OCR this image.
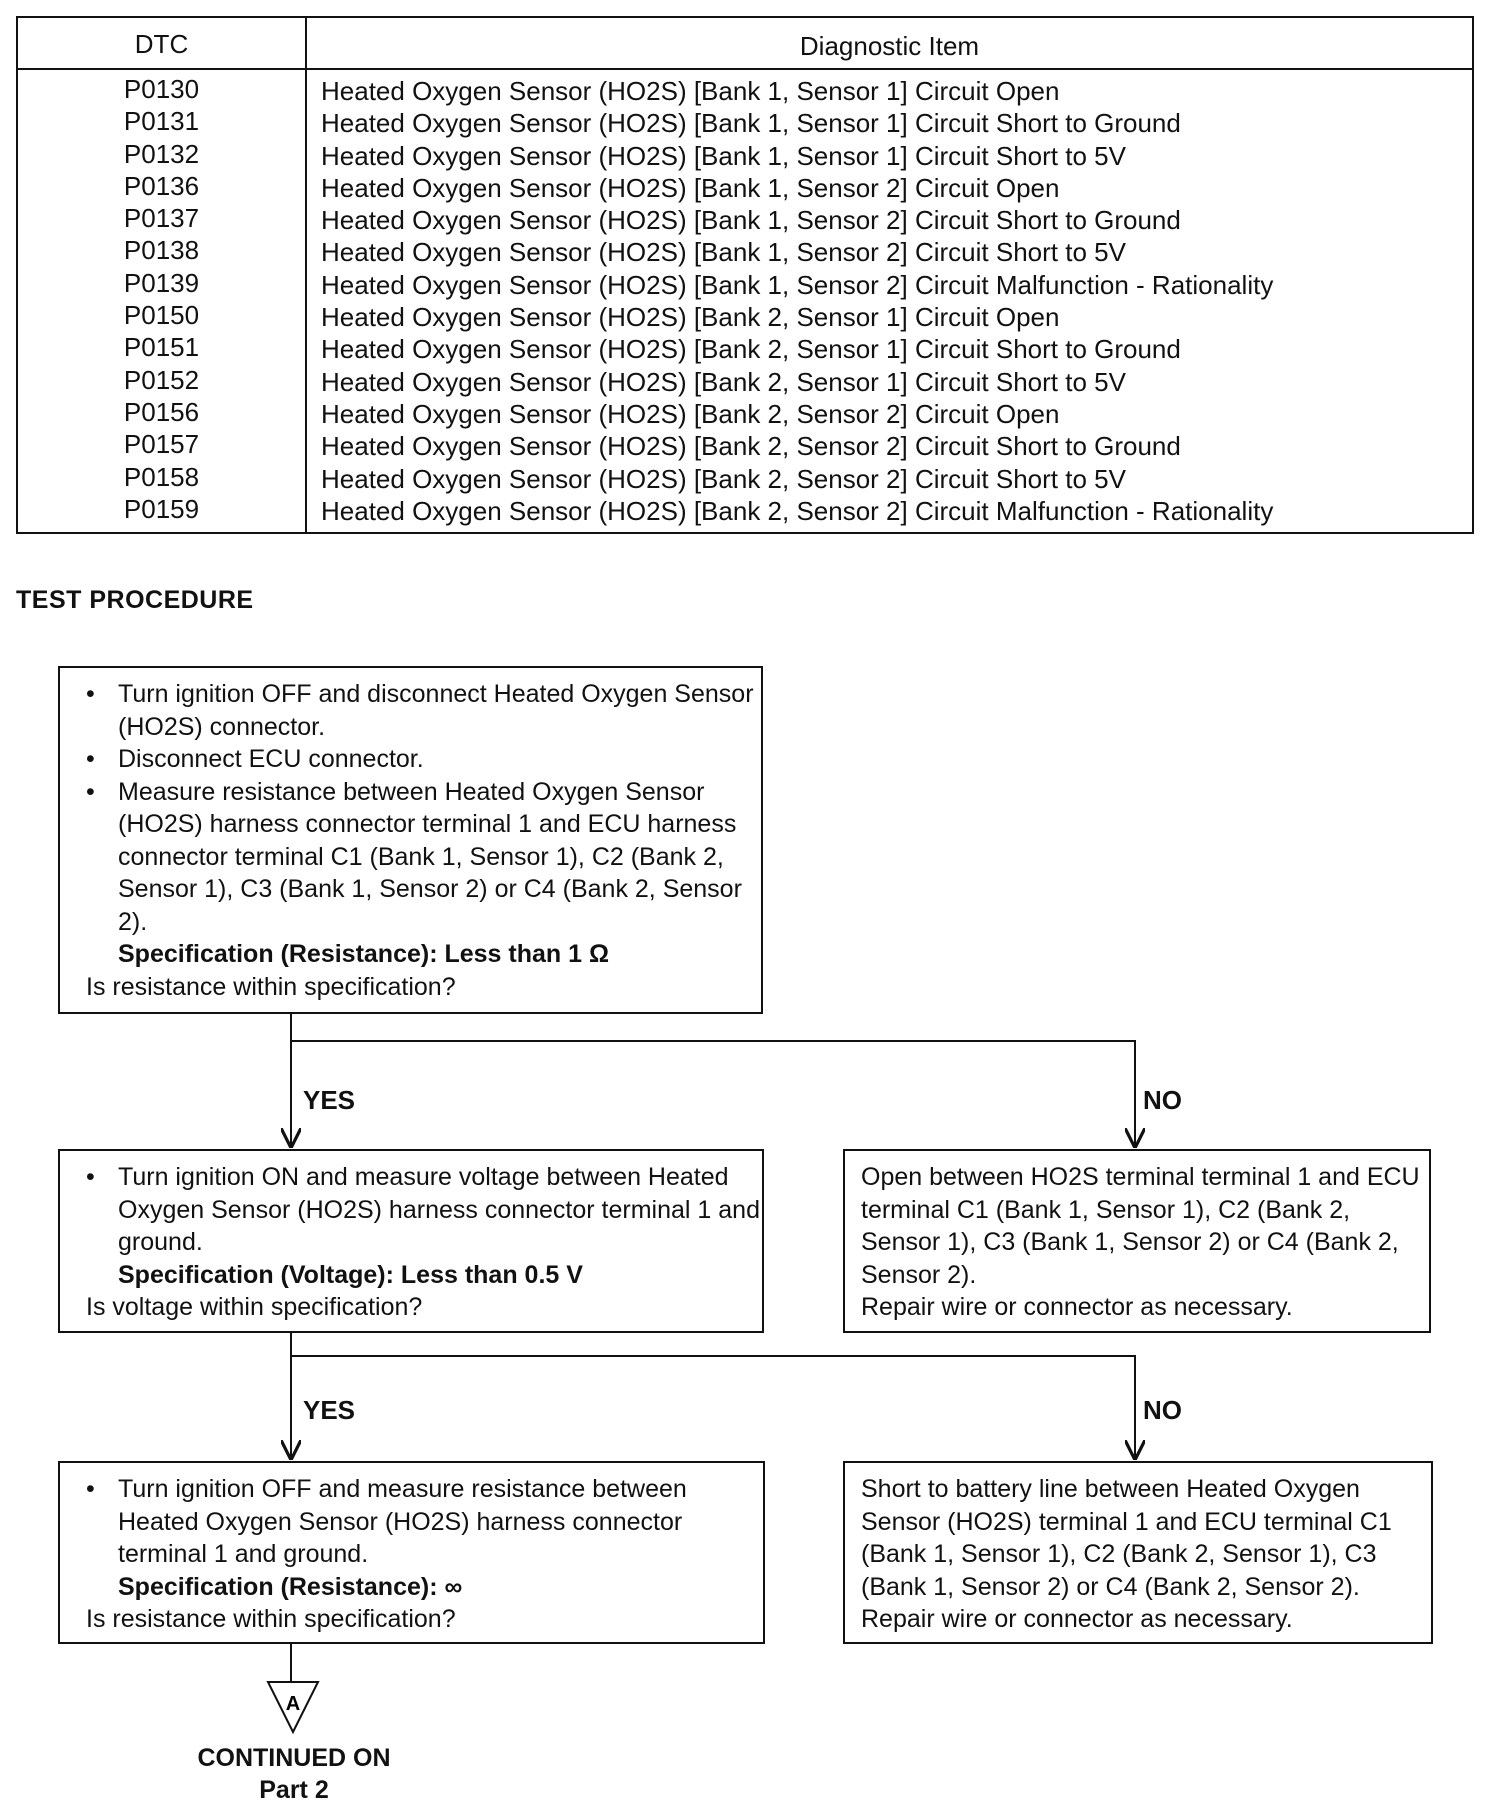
DTC	Diagnostic Item
P0130	Heated Oxygen Sensor (HO2S) [Bank 1, Sensor 1] Circuit Open
P0131	Heated Oxygen Sensor (HO2S) [Bank 1, Sensor 1] Circuit Short to Ground
P0132	Heated Oxygen Sensor (HO2S) [Bank 1, Sensor 1] Circuit Short to 5V
P0136	Heated Oxygen Sensor (HO2S) [Bank 1, Sensor 2] Circuit Open
P0137	Heated Oxygen Sensor (HO2S) [Bank 1, Sensor 2] Circuit Short to Ground
P0138	Heated Oxygen Sensor (HO2S) [Bank 1, Sensor 2] Circuit Short to 5V
P0139	Heated Oxygen Sensor (HO2S) [Bank 1, Sensor 2] Circuit Malfunction - Rationality
P0150	Heated Oxygen Sensor (HO2S) [Bank 2, Sensor 1] Circuit Open
P0151	Heated Oxygen Sensor (HO2S) [Bank 2, Sensor 1] Circuit Short to Ground
P0152	Heated Oxygen Sensor (HO2S) [Bank 2, Sensor 1] Circuit Short to 5V
P0156	Heated Oxygen Sensor (HO2S) [Bank 2, Sensor 2] Circuit Open
P0157	Heated Oxygen Sensor (HO2S) [Bank 2, Sensor 2] Circuit Short to Ground
P0158	Heated Oxygen Sensor (HO2S) [Bank 2, Sensor 2] Circuit Short to 5V
P0159	Heated Oxygen Sensor (HO2S) [Bank 2, Sensor 2] Circuit Malfunction - Rationality
TEST PROCEDURE
A
• Turn ignition OFF and disconnect Heated Oxygen Sensor (HO2S) connector.
• Disconnect ECU connector.
• Measure resistance between Heated Oxygen Sensor (HO2S) harness connector terminal 1 and ECU harness connector terminal C1 (Bank 1, Sensor 1), C2 (Bank 2, Sensor 1), C3 (Bank 1, Sensor 2) or C4 (Bank 2, Sensor 2).
Specification (Resistance): Less than 1 Ω
Is resistance within specification?
YES	NO
• Turn ignition ON and measure voltage between Heated Oxygen Sensor (HO2S) harness connector terminal 1 and ground.
Specification (Voltage): Less than 0.5 V
Is voltage within specification?
Open between HO2S terminal terminal 1 and ECU terminal C1 (Bank 1, Sensor 1), C2 (Bank 2, Sensor 1), C3 (Bank 1, Sensor 2) or C4 (Bank 2, Sensor 2).
Repair wire or connector as necessary.
YES	NO
• Turn ignition OFF and measure resistance between Heated Oxygen Sensor (HO2S) harness connector terminal 1 and ground.
Specification (Resistance): ∞
Is resistance within specification?
Short to battery line between Heated Oxygen Sensor (HO2S) terminal 1 and ECU terminal C1 (Bank 1, Sensor 1), C2 (Bank 2, Sensor 1), C3 (Bank 1, Sensor 2) or C4 (Bank 2, Sensor 2).
Repair wire or connector as necessary.
CONTINUED ON
Part 2
